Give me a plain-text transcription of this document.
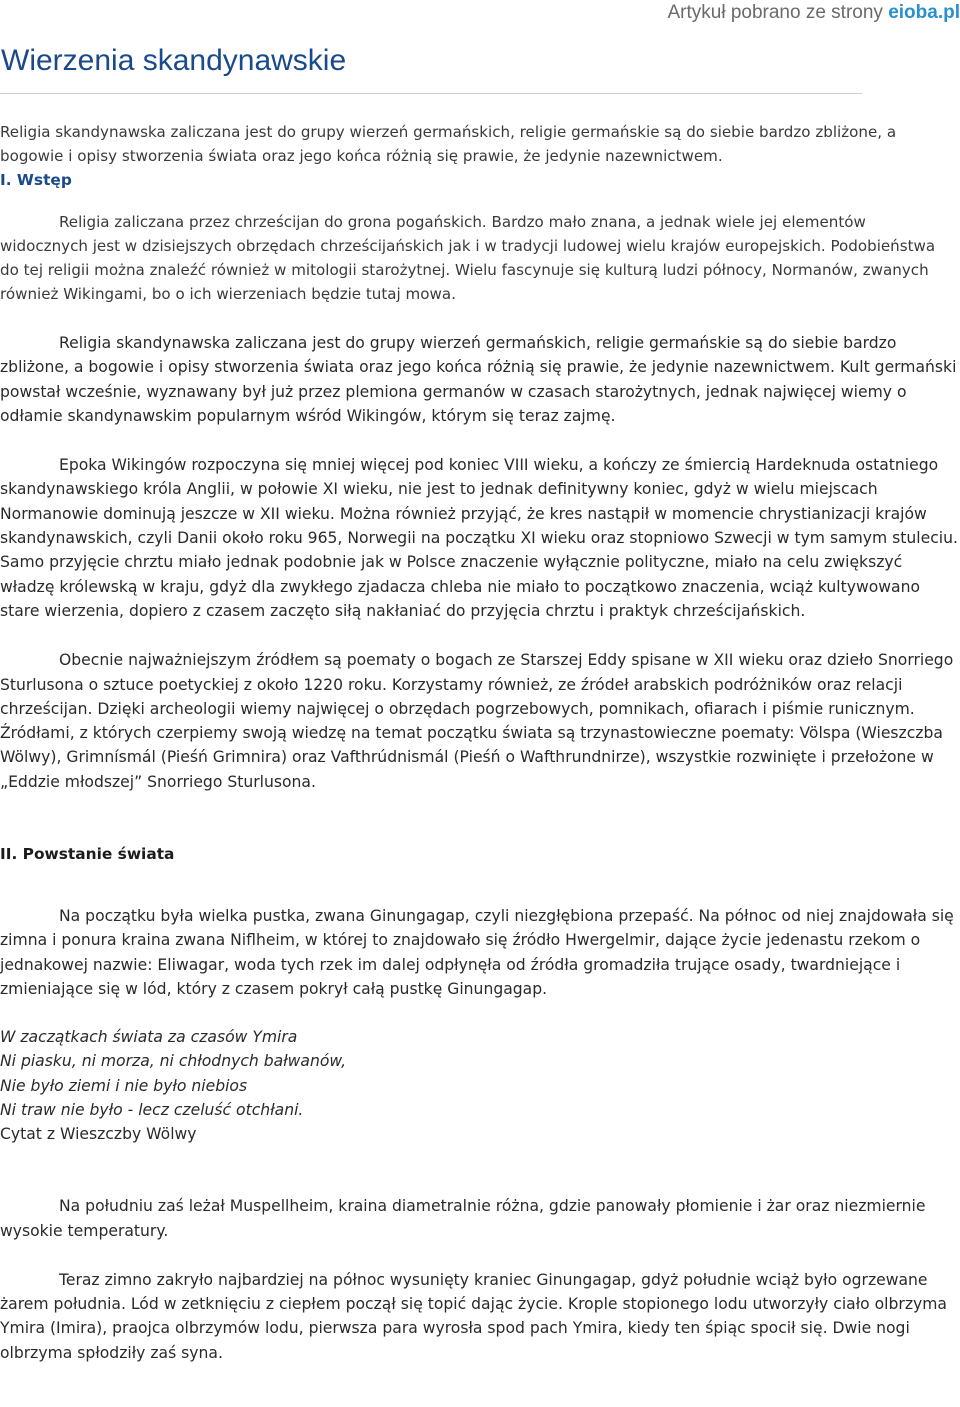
Artykuł pobrano ze strony eioba.pl
Wierzenia skandynawskie

Religia skandynawska zaliczana jest do grupy wierzeń germańskich, religie germańskie są do siebie bardzo zbliżone, a bogowie i opisy stworzenia świata oraz jego końca różnią się prawie, że jedynie nazewnictwem.

I. Wstęp

Religia zaliczana przez chrześcijan do grona pogańskich. Bardzo mało znana, a jednak wiele jej elementów widocznych jest w dzisiejszych obrzędach chrześcijańskich jak i w tradycji ludowej wielu krajów europejskich. Podobieństwa do tej religii można znaleźć również w mitologii starożytnej. Wielu fascynuje się kulturą ludzi północy, Normanów, zwanych również Wikingami, bo o ich wierzeniach będzie tutaj mowa.

Religia skandynawska zaliczana jest do grupy wierzeń germańskich, religie germańskie są do siebie bardzo zbliżone, a bogowie i opisy stworzenia świata oraz jego końca różnią się prawie, że jedynie nazewnictwem. Kult germański powstał wcześnie, wyznawany był już przez plemiona germanów w czasach starożytnych, jednak najwięcej wiemy o odłamie skandynawskim popularnym wśród Wikingów, którym się teraz zajmę.

Epoka Wikingów rozpoczyna się mniej więcej pod koniec VIII wieku, a kończy ze śmiercią Hardeknuda ostatniego skandynawskiego króla Anglii, w połowie XI wieku, nie jest to jednak definitywny koniec, gdyż w wielu miejscach Normanowie dominują jeszcze w XII wieku. Można również przyjąć, że kres nastąpił w momencie chrystianizacji krajów skandynawskich, czyli Danii około roku 965, Norwegii na początku XI wieku oraz stopniowo Szwecji w tym samym stuleciu. Samo przyjęcie chrztu miało jednak podobnie jak w Polsce znaczenie wyłącznie polityczne, miało na celu zwiększyć władzę królewską w kraju, gdyż dla zwykłego zjadacza chleba nie miało to początkowo znaczenia, wciąż kultywowano stare wierzenia, dopiero z czasem zaczęto siłą nakłaniać do przyjęcia chrztu i praktyk chrześcijańskich.

Obecnie najważniejszym źródłem są poematy o bogach ze Starszej Eddy spisane w XII wieku oraz dzieło Snorriego Sturlusona o sztuce poetyckiej z około 1220 roku. Korzystamy również, ze źródeł arabskich podróżników oraz relacji chrześcijan. Dzięki archeologii wiemy najwięcej o obrzędach pogrzebowych, pomnikach, ofiarach i piśmie runicznym. Źródłami, z których czerpiemy swoją wiedzę na temat początku świata są trzynastowieczne poematy: Völspa (Wieszczba Wölwy), Grimnísmál (Pieśń Grimnira) oraz Vafthrúdnismál (Pieśń o Wafthrundnirze), wszystkie rozwinięte i przełożone w „Eddzie młodszej” Snorriego Sturlusona.

II. Powstanie świata

Na początku była wielka pustka, zwana Ginungagap, czyli niezgłębiona przepaść. Na północ od niej znajdowała się zimna i ponura kraina zwana Niflheim, w której to znajdowało się źródło Hwergelmir, dające życie jedenastu rzekom o jednakowej nazwie: Eliwagar, woda tych rzek im dalej odpłynęła od źródła gromadziła trujące osady, twardniejące i zmieniające się w lód, który z czasem pokrył całą pustkę Ginungagap.

W zaczątkach świata za czasów Ymira
Ni piasku, ni morza, ni chłodnych bałwanów,
Nie było ziemi i nie było niebios
Ni traw nie było - lecz czeluść otchłani.
Cytat z Wieszczby Wölwy

Na południu zaś leżał Muspellheim, kraina diametralnie różna, gdzie panowały płomienie i żar oraz niezmiernie wysokie temperatury.

Teraz zimno zakryło najbardziej na północ wysunięty kraniec Ginungagap, gdyż południe wciąż było ogrzewane żarem południa. Lód w zetknięciu z ciepłem począł się topić dając życie. Krople stopionego lodu utworzyły ciało olbrzyma Ymira (Imira), praojca olbrzymów lodu, pierwsza para wyrosła spod pach Ymira, kiedy ten śpiąc spocił się. Dwie nogi olbrzyma spłodziły zaś syna.
